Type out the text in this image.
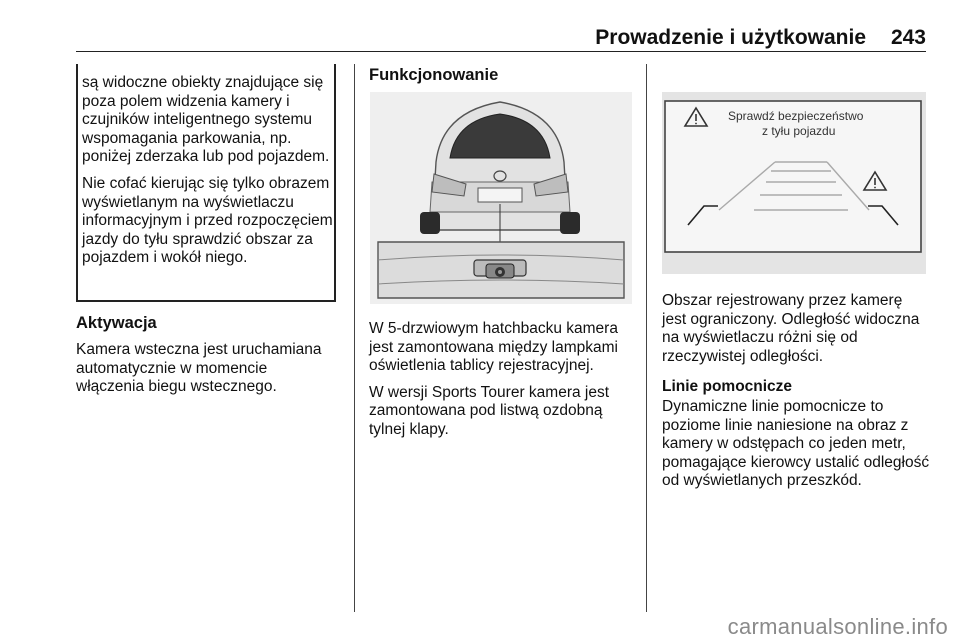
Prowadzenie i użytkowanie 243

są widoczne obiekty znajdujące się poza polem widzenia kamery i czujników inteligentnego systemu wspomagania parkowania, np. poniżej zderzaka lub pod pojazdem.

Nie cofać kierując się tylko obrazem wyświetlanym na wyświetlaczu informacyjnym i przed rozpoczęciem jazdy do tyłu sprawdzić obszar za pojazdem i wokół niego.

Aktywacja

Kamera wsteczna jest uruchamiana automatycznie w momencie włączenia biegu wstecznego.

Funkcjonowanie

W 5-drzwiowym hatchbacku kamera jest zamontowana między lampkami oświetlenia tablicy rejestracyjnej.

W wersji Sports Tourer kamera jest zamontowana pod listwą ozdobną tylnej klapy.

Sprawdź bezpieczeństwo
z tyłu pojazdu

Obszar rejestrowany przez kamerę jest ograniczony. Odległość widoczna na wyświetlaczu różni się od rzeczywistej odległości.

Linie pomocnicze

Dynamiczne linie pomocnicze to poziome linie naniesione na obraz z kamery w odstępach co jeden metr, pomagające kierowcy ustalić odległość od wyświetlanych przeszkód.

carmanualsonline.info
